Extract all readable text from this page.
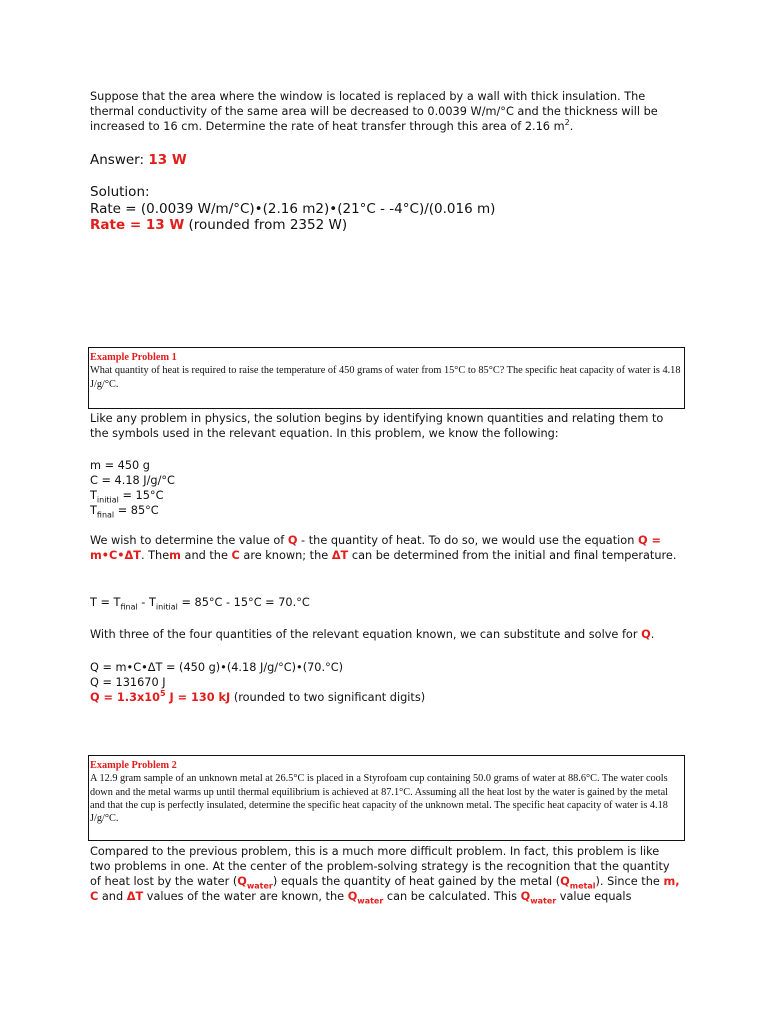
Suppose that the area where the window is located is replaced by a wall with thick insulation. The thermal conductivity of the same area will be decreased to 0.0039 W/m/°C and the thickness will be increased to 16 cm. Determine the rate of heat transfer through this area of 2.16 $m^2$.
Answer: 13 W
Solution:
Rate = (0.0039 W/m/°C)•(2.16 m2)•(21°C - -4°C)/(0.016 m)
Rate = 13 W (rounded from 2352 W)
Example Problem 1
What quantity of heat is required to raise the temperature of 450 grams of water from 15°C to 85°C? The specific heat capacity of water is 4.18 J/g/°C.
Like any problem in physics, the solution begins by identifying known quantities and relating them to the symbols used in the relevant equation. In this problem, we know the following:
m = 450 g
C = 4.18 J/g/°C
$T_{initial} = 15^\circ C$
$T_{final} = 85^\circ C$
We wish to determine the value of Q - the quantity of heat. To do so, we would use the equation Q = m•C•ΔT. Them and the C are known; the ΔT can be determined from the initial and final temperature.
$T = T_{final} - T_{initial} = 85^\circ C - 15^\circ C = 70.^\circ C$
With three of the four quantities of the relevant equation known, we can substitute and solve for Q.
Q = m•C•ΔT = (450 g)•(4.18 J/g/°C)•(70.°C)
Q = 131670 J
$Q = 1.3x10^5$ J = 130 kJ (rounded to two significant digits)
Example Problem 2
A 12.9 gram sample of an unknown metal at 26.5°C is placed in a Styrofoam cup containing 50.0 grams of water at 88.6°C. The water cools down and the metal warms up until thermal equilibrium is achieved at 87.1°C. Assuming all the heat lost by the water is gained by the metal and that the cup is perfectly insulated, determine the specific heat capacity of the unknown metal. The specific heat capacity of water is 4.18 J/g/°C.
Compared to the previous problem, this is a much more difficult problem. In fact, this problem is like two problems in one. At the center of the problem-solving strategy is the recognition that the quantity of heat lost by the water $(Q_{water})$ equals the quantity of heat gained by the metal $(Q_{metal})$. Since the m, C and ΔT values of the water are known, the $Q_{water}$ can be calculated. This $Q_{water}$ value equals
